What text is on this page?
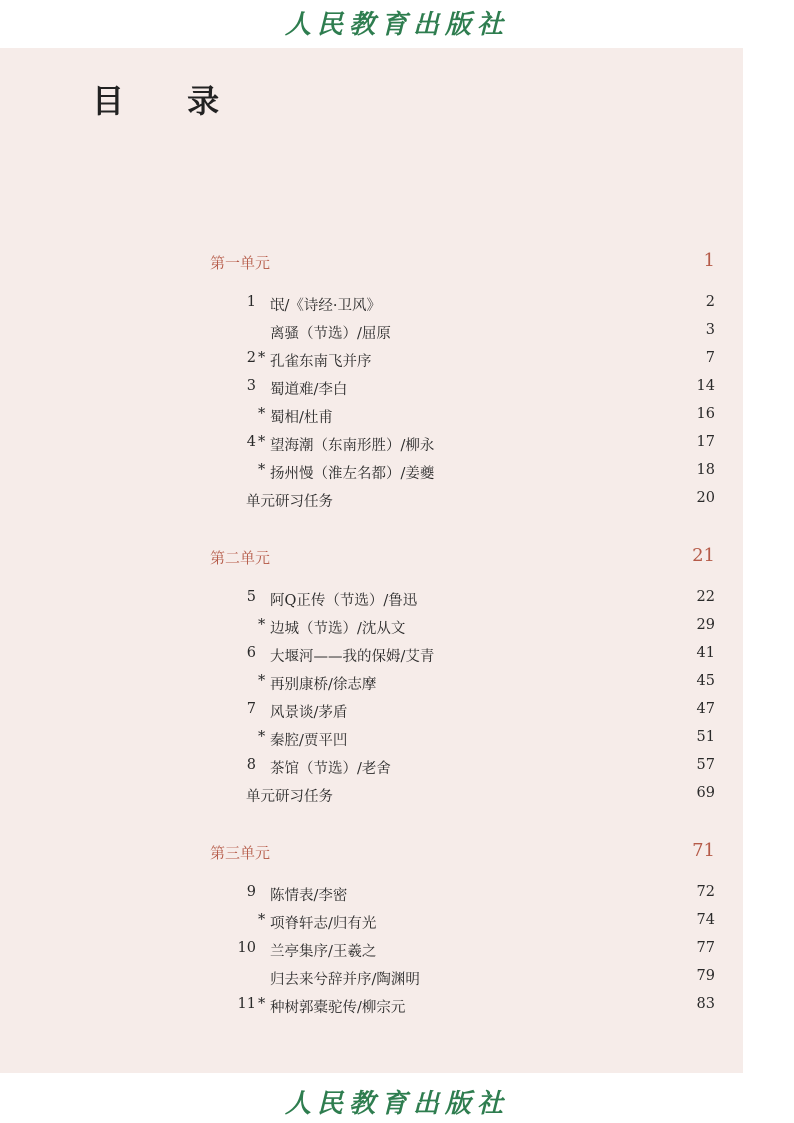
人民教育出版社
目 录
第一单元	1
1 氓/《诗经·卫风》	2
离骚（节选）/屈原	3
2 * 孔雀东南飞并序	7
3 蜀道难/李白	14
* 蜀相/杜甫	16
4 * 望海潮（东南形胜）/柳永	17
* 扬州慢（淮左名都）/姜夔	18
单元研习任务	20
第二单元	21
5 阿Q正传（节选）/鲁迅	22
* 边城（节选）/沈从文	29
6 大堰河——我的保姆/艾青	41
* 再别康桥/徐志摩	45
7 风景谈/茅盾	47
* 秦腔/贾平凹	51
8 茶馆（节选）/老舍	57
单元研习任务	69
第三单元	71
9 陈情表/李密	72
* 项脊轩志/归有光	74
10 兰亭集序/王羲之	77
归去来兮辞并序/陶渊明	79
11 * 种树郭橐驼传/柳宗元	83
人民教育出版社
